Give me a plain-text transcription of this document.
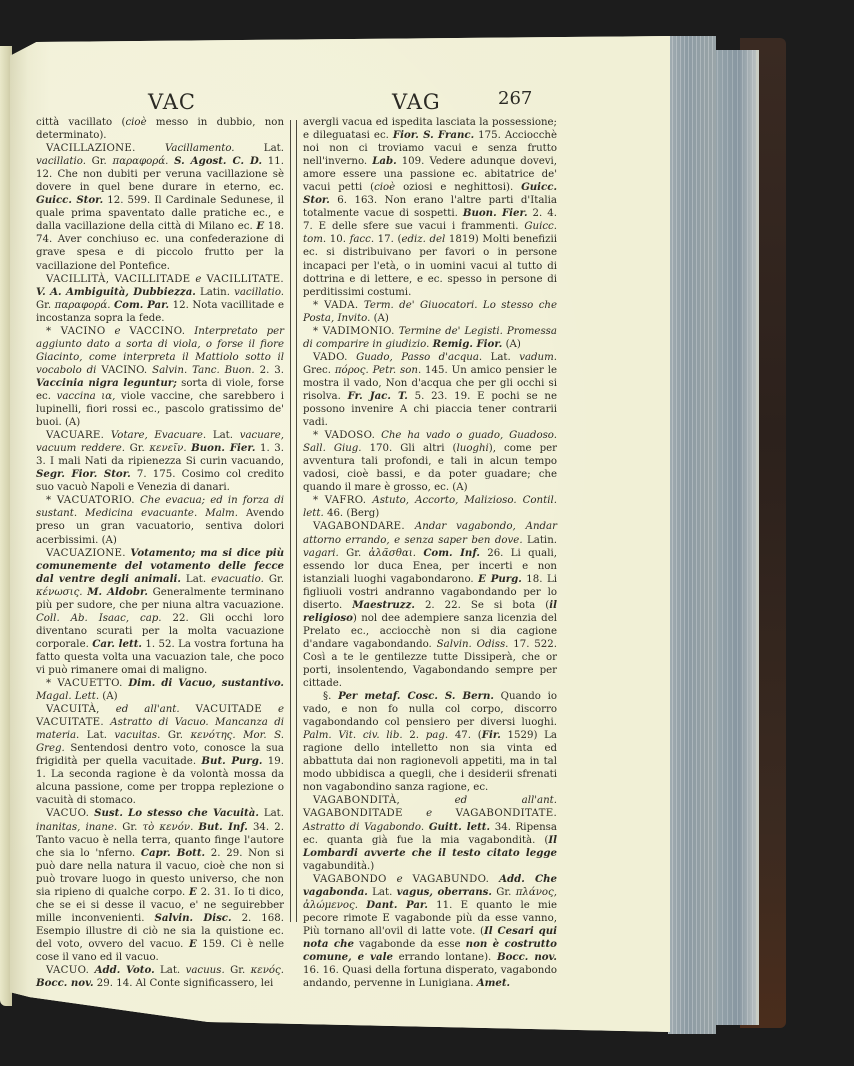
VAC	VAG	267

città vacillato (cioè messo in dubbio, non determinato).

VACILLAZIONE.	Vacillamento. Lat. vacillatio. Gr. παραφορά. S. Agost. C. D. 11. 12. Che non dubiti per veruna vacillazione sè dovere in quel bene durare in eterno, ec. Guicc. Stor. 12. 599. Il Cardinale Sedunese, il quale prima spaventato dalle pratiche ec., e dalla vacillazione della città di Milano ec. E 18. 74. Aver conchiuso ec. una confederazione di grave spesa e di piccolo frutto per la vacillazione del Pontefice.

VACILLITÀ, VACILLITADE e VACILLITATE. V. A. Ambiguità, Dubbiezza. Latin. vacillatio. Gr. παραφορά. Com. Par. 12. Nota vacillitade e incostanza sopra la fede.

* VACINO e VACCINO. Interpretato per aggiunto dato a sorta di viola, o forse il fiore Giacinto, come interpreta il Mattiolo sotto il vocabolo di VACINO. Salvin. Tanc. Buon. 2. 3. Vaccinia nigra leguntur; sorta di viole, forse ec. vaccina ια, viole vaccine, che sarebbero i lupinelli, fiori rossi ec., pascolo gratissimo de' buoi. (A)

VACUARE. Votare, Evacuare. Lat. vacuare, vacuum reddere. Gr. κενεῖν. Buon. Fier. 1. 3. 3. I mali Nati da ripienezza Si curin vacuando, Segr. Fior. Stor. 7. 175. Cosimo col credito suo vacuò Napoli e Venezia di danari.

* VACUATORIO. Che evacua; ed in forza di sustant. Medicina evacuante. Malm. Avendo preso un gran vacuatorio, sentiva dolori acerbissimi. (A)

VACUAZIONE. Votamento; ma si dice più comunemente del votamento delle fecce dal ventre degli animali. Lat. evacuatio. Gr. κένωσις. M. Aldobr. Generalmente terminano più per sudore, che per niuna altra vacuazione. Coll. Ab. Isaac, cap. 22. Gli occhi loro diventano scurati per la molta vacuazione corporale. Car. lett. 1. 52. La vostra fortuna ha fatto questa volta una vacuazion tale, che poco vi può rimanere omai di maligno.

* VACUETTO. Dim. di Vacuo, sustantivo. Magal. Lett. (A)

VACUITÀ, ed all'ant. VACUITADE e VACUITATE. Astratto di Vacuo. Mancanza di materia. Lat. vacuitas. Gr. κενότης. Mor. S. Greg. Sentendosi dentro voto, conosce la sua frigidità per quella vacuitade. But. Purg. 19. 1. La seconda ragione è da volontà mossa da alcuna passione, come per troppa replezione o vacuità di stomaco.

VACUO. Sust. Lo stesso che Vacuità. Lat. inanitas, inane. Gr. τὸ κενόν. But. Inf. 34. 2. Tanto vacuo è nella terra, quanto finge l'autore che sia lo 'nferno. Capr. Bott. 2. 29. Non si può dare nella natura il vacuo, cioè che non si può trovare luogo in questo universo, che non sia ripieno di qualche corpo. E 2. 31. Io ti dico, che se ei si desse il vacuo, e' ne seguirebber mille inconvenienti. Salvin. Disc. 2. 168. Esempio illustre di ciò ne sia la quistione ec. del voto, ovvero del vacuo. E 159. Ci è nelle cose il vano ed il vacuo.

VACUO. Add. Voto. Lat. vacuus. Gr. κενός. Bocc. nov. 29. 14. Al Conte significassero, lei

avergli vacua ed ispedita lasciata la possessione; e dileguatasi ec. Fior. S. Franc. 175. Acciocchè noi non ci troviamo vacui e senza frutto nell'inverno. Lab. 109. Vedere adunque dovevi, amore essere una passione ec. abitatrice de' vacui petti (cioè oziosi e neghittosi). Guicc. Stor. 6. 163. Non erano l'altre parti d'Italia totalmente vacue di sospetti. Buon. Fier. 2. 4. 7. E delle sfere sue vacui i frammenti. Guicc. tom. 10. facc. 17. (ediz. del 1819) Molti benefizii ec. si distribuivano per favori o in persone incapaci per l'età, o in uomini vacui al tutto di dottrina e di lettere, e ec. spesso in persone di perditissimi costumi.

* VADA. Term. de' Giuocatori. Lo stesso che Posta, Invito. (A)

* VADIMONIO. Termine de' Legisti. Promessa di comparire in giudizio. Remig. Fior. (A)

VADO. Guado, Passo d'acqua. Lat. vadum. Grec. πόρος. Petr. son. 145. Un amico pensier le mostra il vado, Non d'acqua che per gli occhi si risolva. Fr. Jac. T. 5. 23. 19. E pochi se ne possono invenire A chi piaccia tener contrarii vadi.

* VADOSO. Che ha vado o guado, Guadoso. Sall. Giug. 170. Gli altri (luoghi), come per avventura tali profondi, e tali in alcun tempo vadosi, cioè bassi, e da poter guadare; che quando il mare è grosso, ec. (A)

* VAFRO. Astuto, Accorto, Malizioso. Contil. lett. 46. (Berg)

VAGABONDARE. Andar vagabondo, Andar attorno errando, e senza saper ben dove. Latin. vagari. Gr. ἀλᾶσθαι. Com. Inf. 26. Li quali, essendo lor duca Enea, per incerti e non istanziali luoghi vagabondarono. E Purg. 18. Li figliuoli vostri andranno vagabondando per lo diserto. Maestruzz. 2. 22. Se si bota (il religioso) nol dee adempiere sanza licenzia del Prelato ec., acciocchè non si dia cagione d'andare vagabondando. Salvin. Odiss. 17. 522. Così a te le gentilezze tutte Dissiperà, che or porti, insolentendo, Vagabondando sempre per cittade.

§. Per metaf. Cosc. S. Bern. Quando io vado, e non fo nulla col corpo, discorro vagabondando col pensiero per diversi luoghi. Palm. Vit. civ. lib. 2. pag. 47. (Fir. 1529) La ragione dello intelletto non sia vinta ed abbattuta dai non ragionevoli appetiti, ma in tal modo ubbidisca a quegli, che i desiderii sfrenati non vagabondino sanza ragione, ec.

VAGABONDITÀ,	ed all'ant. VAGABONDITADE e VAGABONDITATE. Astratto di Vagabondo. Guitt. lett. 34. Ripensa ec. quanta già fue la mia vagabondità. (Il Lombardi avverte che il testo citato legge vagabundità.)

VAGABONDO e VAGABUNDO. Add. Che vagabonda. Lat. vagus, oberrans. Gr. πλάνος, ἀλώμενος. Dant. Par. 11. E quanto le mie pecore rimote E vagabonde più da esse vanno, Più tornano all'ovil di latte vote. (Il Cesari qui nota che vagabonde da esse non è costrutto comune, e vale errando lontane). Bocc. nov. 16. 16. Quasi della fortuna disperato, vagabondo andando, pervenne in Lunigiana. Amet.
